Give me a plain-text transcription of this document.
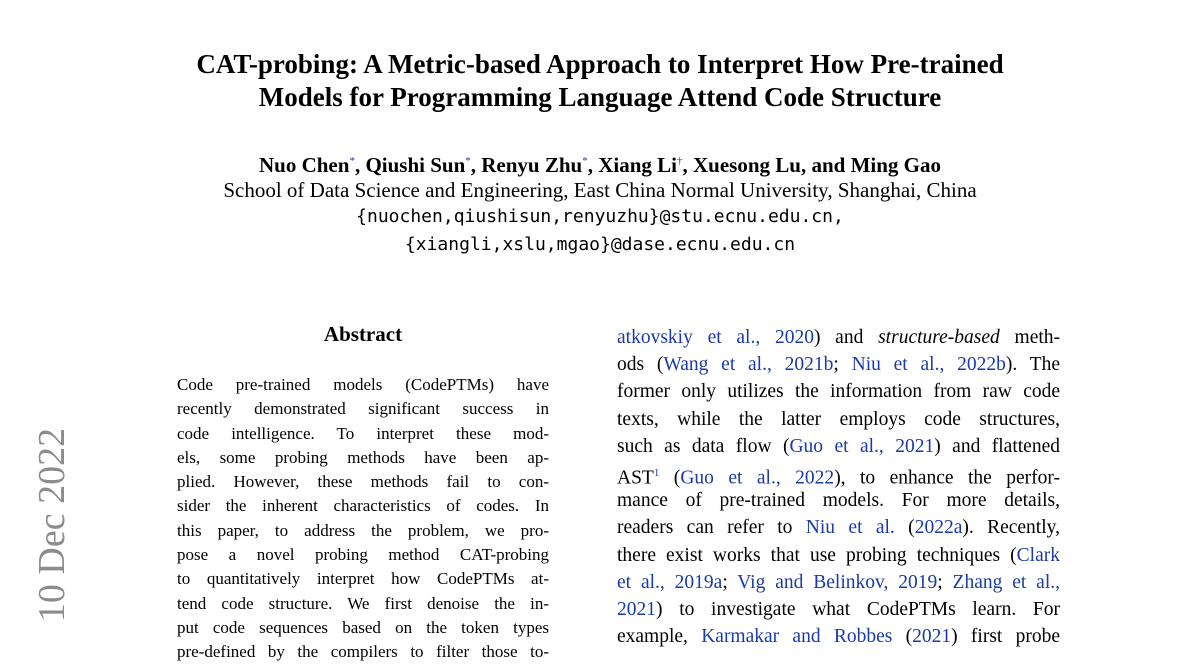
CAT-probing: A Metric-based Approach to Interpret How Pre-trained
Models for Programming Language Attend Code Structure
Nuo Chen*, Qiushi Sun*, Renyu Zhu*, Xiang Li†, Xuesong Lu, and Ming Gao
School of Data Science and Engineering, East China Normal University, Shanghai, China
{nuochen,qiushisun,renyuzhu}@stu.ecnu.edu.cn,
{xiangli,xslu,mgao}@dase.ecnu.edu.cn
10 Dec 2022
Abstract
Code pre-trained models (CodePTMs) have
recently demonstrated significant success in
code intelligence. To interpret these mod-
els, some probing methods have been ap-
plied. However, these methods fail to con-
sider the inherent characteristics of codes. In
this paper, to address the problem, we pro-
pose a novel probing method CAT-probing
to quantitatively interpret how CodePTMs at-
tend code structure. We first denoise the in-
put code sequences based on the token types
pre-defined by the compilers to filter those to-
atkovskiy et al., 2020) and structure-based meth-
ods (Wang et al., 2021b; Niu et al., 2022b). The
former only utilizes the information from raw code
texts, while the latter employs code structures,
such as data flow (Guo et al., 2021) and flattened
AST$^1$ (Guo et al., 2022), to enhance the perfor-
mance of pre-trained models. For more details,
readers can refer to Niu et al. (2022a). Recently,
there exist works that use probing techniques (Clark
et al., 2019a; Vig and Belinkov, 2019; Zhang et al.,
2021) to investigate what CodePTMs learn. For
example, Karmakar and Robbes (2021) first probe
